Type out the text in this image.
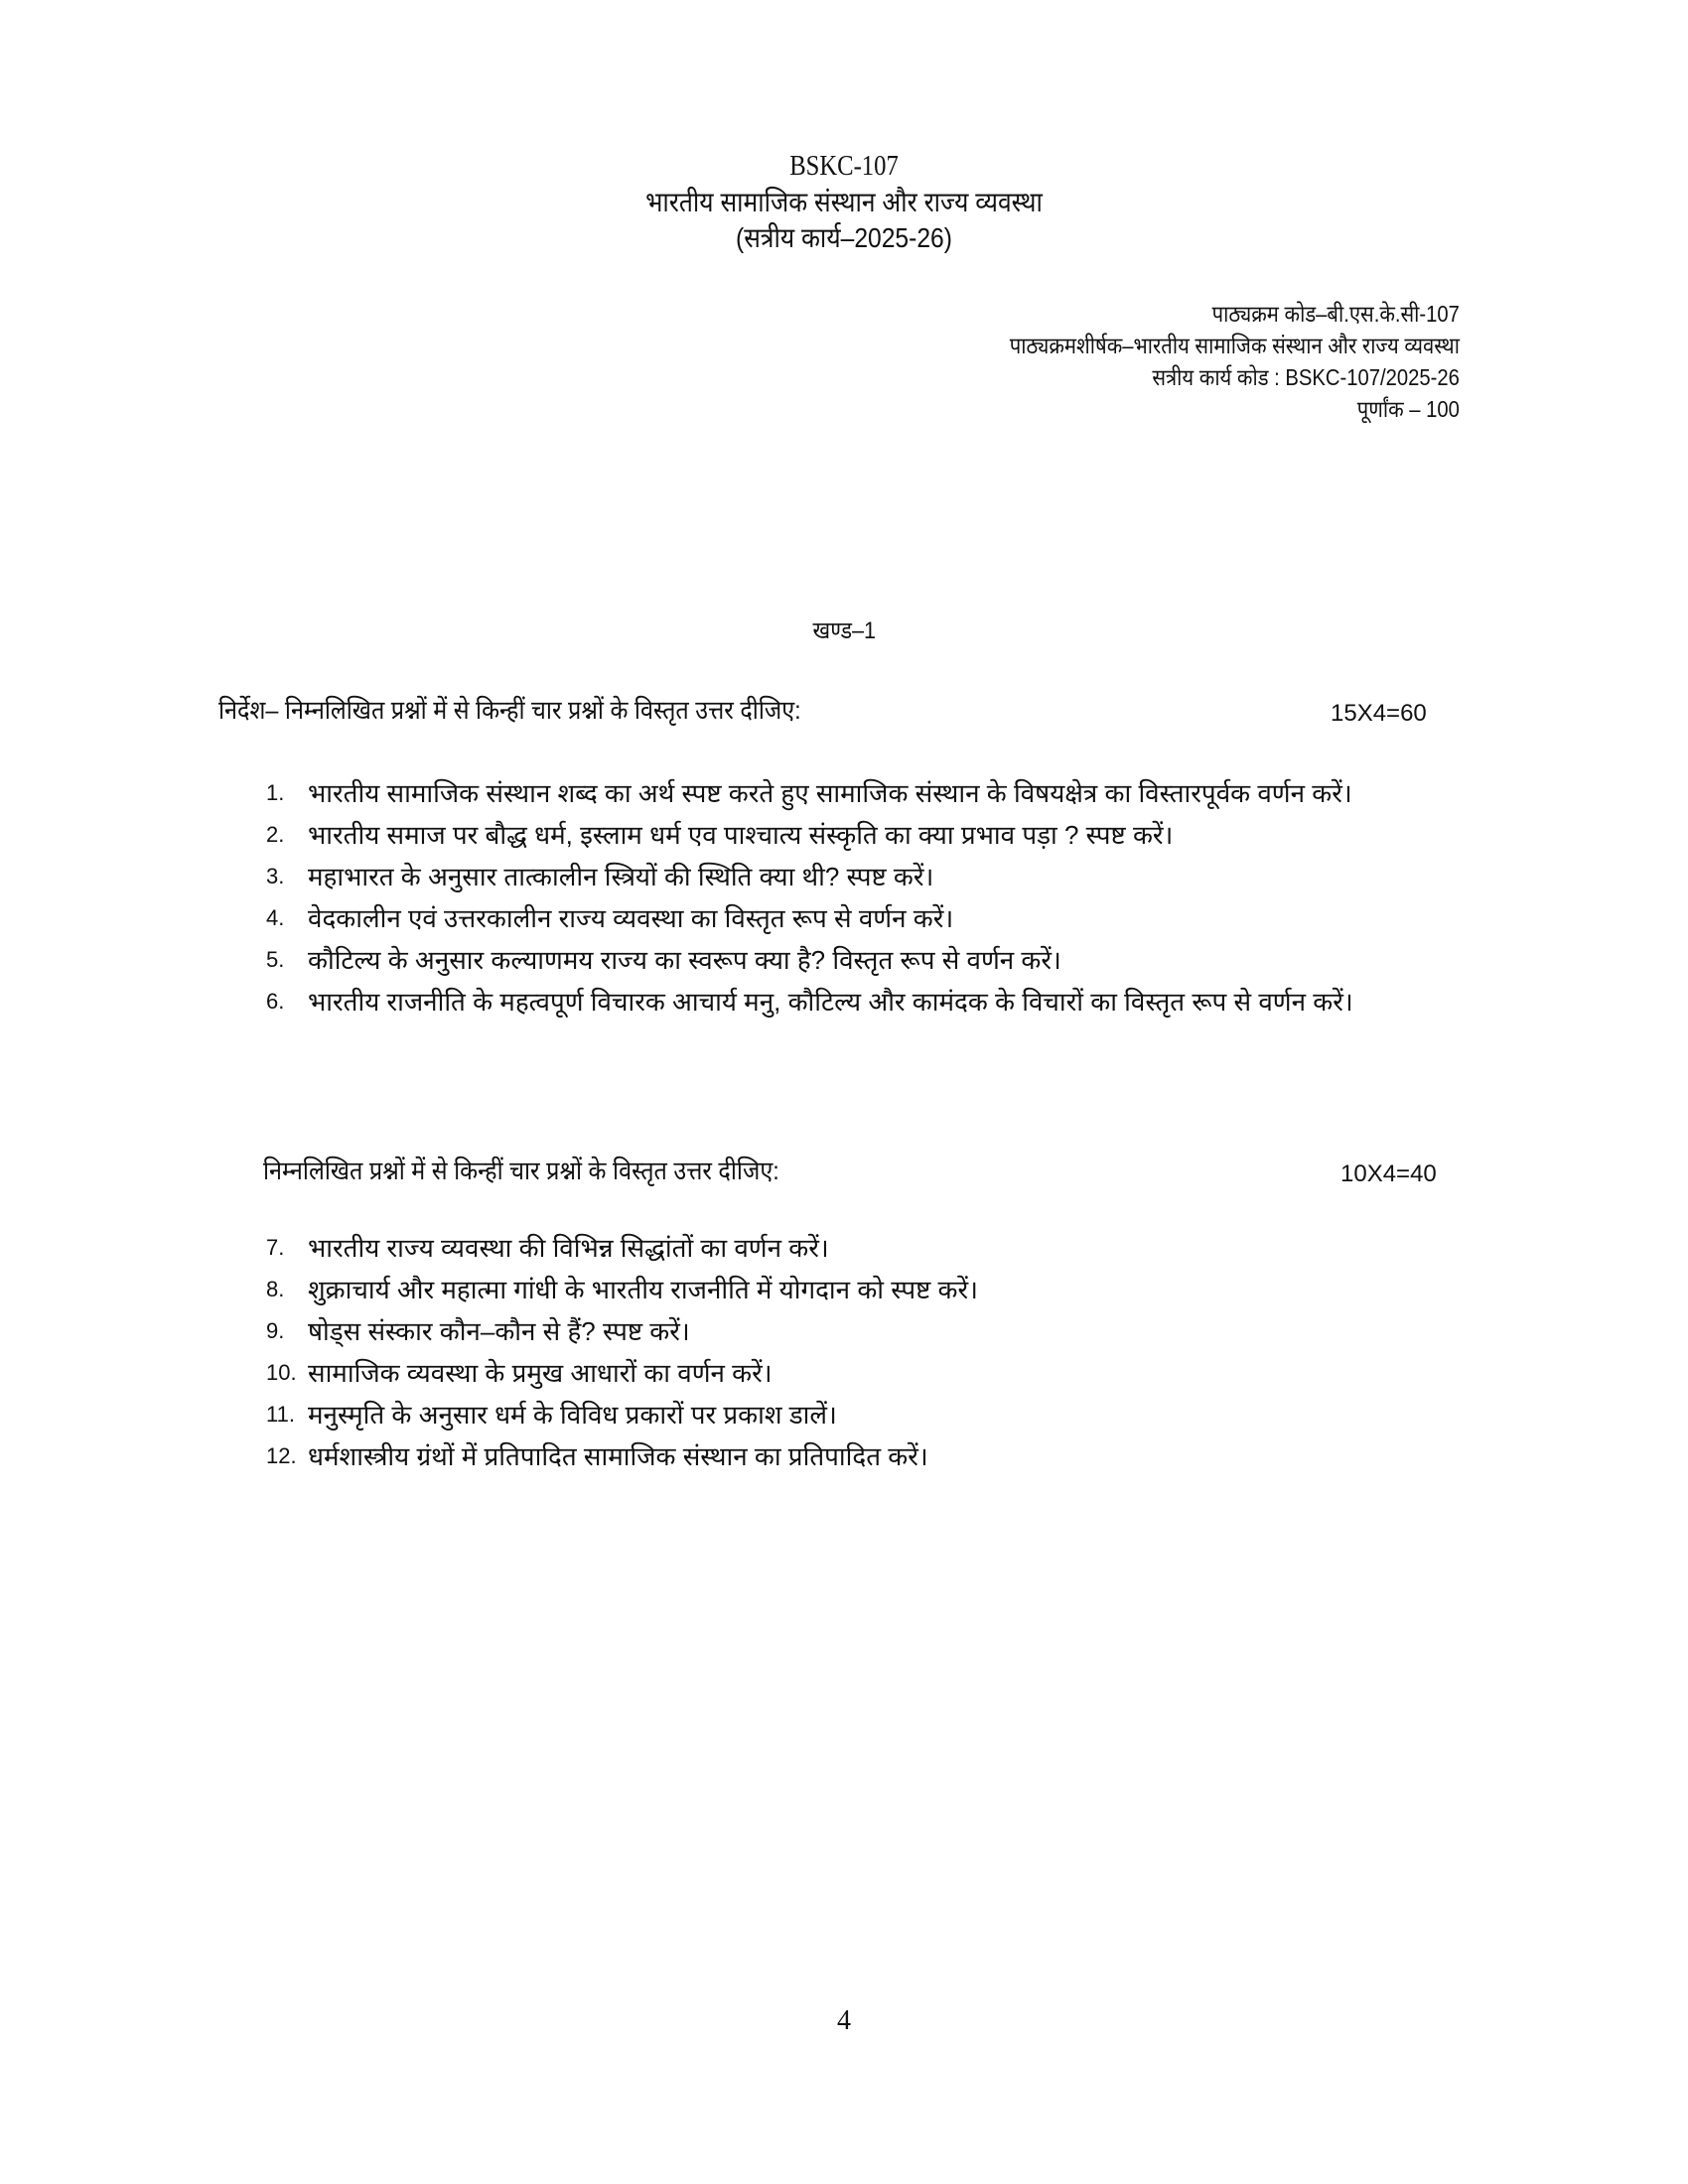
BSKC-107
भारतीय सामाजिक संस्थान और राज्य व्यवस्था
(सत्रीय कार्य–2025-26)
पाठ्यक्रम कोड–बी.एस.के.सी-107
पाठ्यक्रमशीर्षक–भारतीय सामाजिक संस्थान और राज्य व्यवस्था
सत्रीय कार्य कोड : BSKC-107/2025-26
पूर्णांक – 100
खण्ड–1
निर्देश– निम्नलिखित प्रश्नों में से किन्हीं चार प्रश्नों के विस्तृत उत्तर दीजिए:	15X4=60
1. भारतीय सामाजिक संस्थान शब्द का अर्थ स्पष्ट करते हुए सामाजिक संस्थान के विषयक्षेत्र का विस्तारपूर्वक वर्णन करें।
2. भारतीय समाज पर बौद्ध धर्म, इस्लाम धर्म एव पाश्चात्य संस्कृति का क्या प्रभाव पड़ा ? स्पष्ट करें।
3. महाभारत के अनुसार तात्कालीन स्त्रियों की स्थिति क्या थी? स्पष्ट करें।
4. वेदकालीन एवं उत्तरकालीन राज्य व्यवस्था का विस्तृत रूप से वर्णन करें।
5. कौटिल्य के अनुसार कल्याणमय राज्य का स्वरूप क्या है? विस्तृत रूप से वर्णन करें।
6. भारतीय राजनीति के महत्वपूर्ण विचारक आचार्य मनु, कौटिल्य और कामंदक के विचारों का विस्तृत रूप से वर्णन करें।
निम्नलिखित प्रश्नों में से किन्हीं चार प्रश्नों के विस्तृत उत्तर दीजिए:	10X4=40
7. भारतीय राज्य व्यवस्था की विभिन्न सिद्धांतों का वर्णन करें।
8. शुक्राचार्य और महात्मा गांधी के भारतीय राजनीति में योगदान को स्पष्ट करें।
9. षोड्स संस्कार कौन–कौन से हैं? स्पष्ट करें।
10. सामाजिक व्यवस्था के प्रमुख आधारों का वर्णन करें।
11. मनुस्मृति के अनुसार धर्म के विविध प्रकारों पर प्रकाश डालें।
12. धर्मशास्त्रीय ग्रंथों में प्रतिपादित सामाजिक संस्थान का प्रतिपादित करें।
4
